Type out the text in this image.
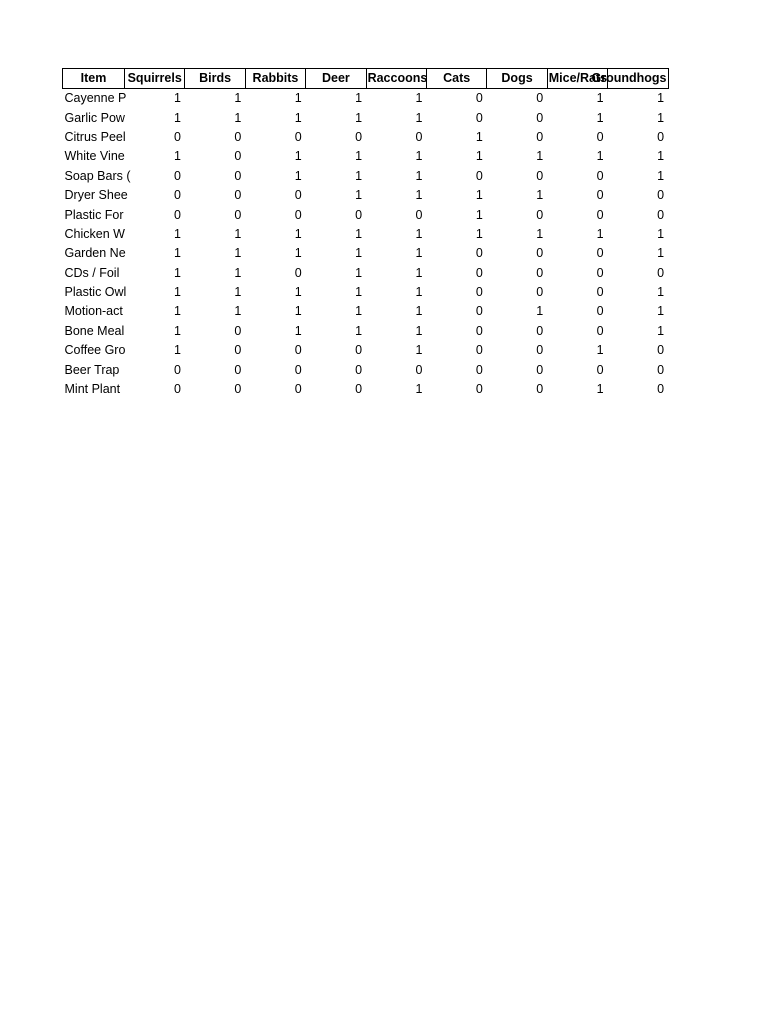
Item	Squirrels	Birds	Rabbits	Deer	Raccoons	Cats	Dogs	Mice/Rats	Groundhogs
Cayenne P	1	1	1	1	1	0	0	1	1
Garlic Pow	1	1	1	1	1	0	0	1	1
Citrus Peel	0	0	0	0	0	1	0	0	0
White Vine	1	0	1	1	1	1	1	1	1
Soap Bars (	0	0	1	1	1	0	0	0	1
Dryer Shee	0	0	0	1	1	1	1	0	0
Plastic For	0	0	0	0	0	1	0	0	0
Chicken W	1	1	1	1	1	1	1	1	1
Garden Ne	1	1	1	1	1	0	0	0	1
CDs / Foil	1	1	0	1	1	0	0	0	0
Plastic Owl	1	1	1	1	1	0	0	0	1
Motion-act	1	1	1	1	1	0	1	0	1
Bone Meal	1	0	1	1	1	0	0	0	1
Coffee Gro	1	0	0	0	1	0	0	1	0
Beer Trap	0	0	0	0	0	0	0	0	0
Mint Plant	0	0	0	0	1	0	0	1	0
